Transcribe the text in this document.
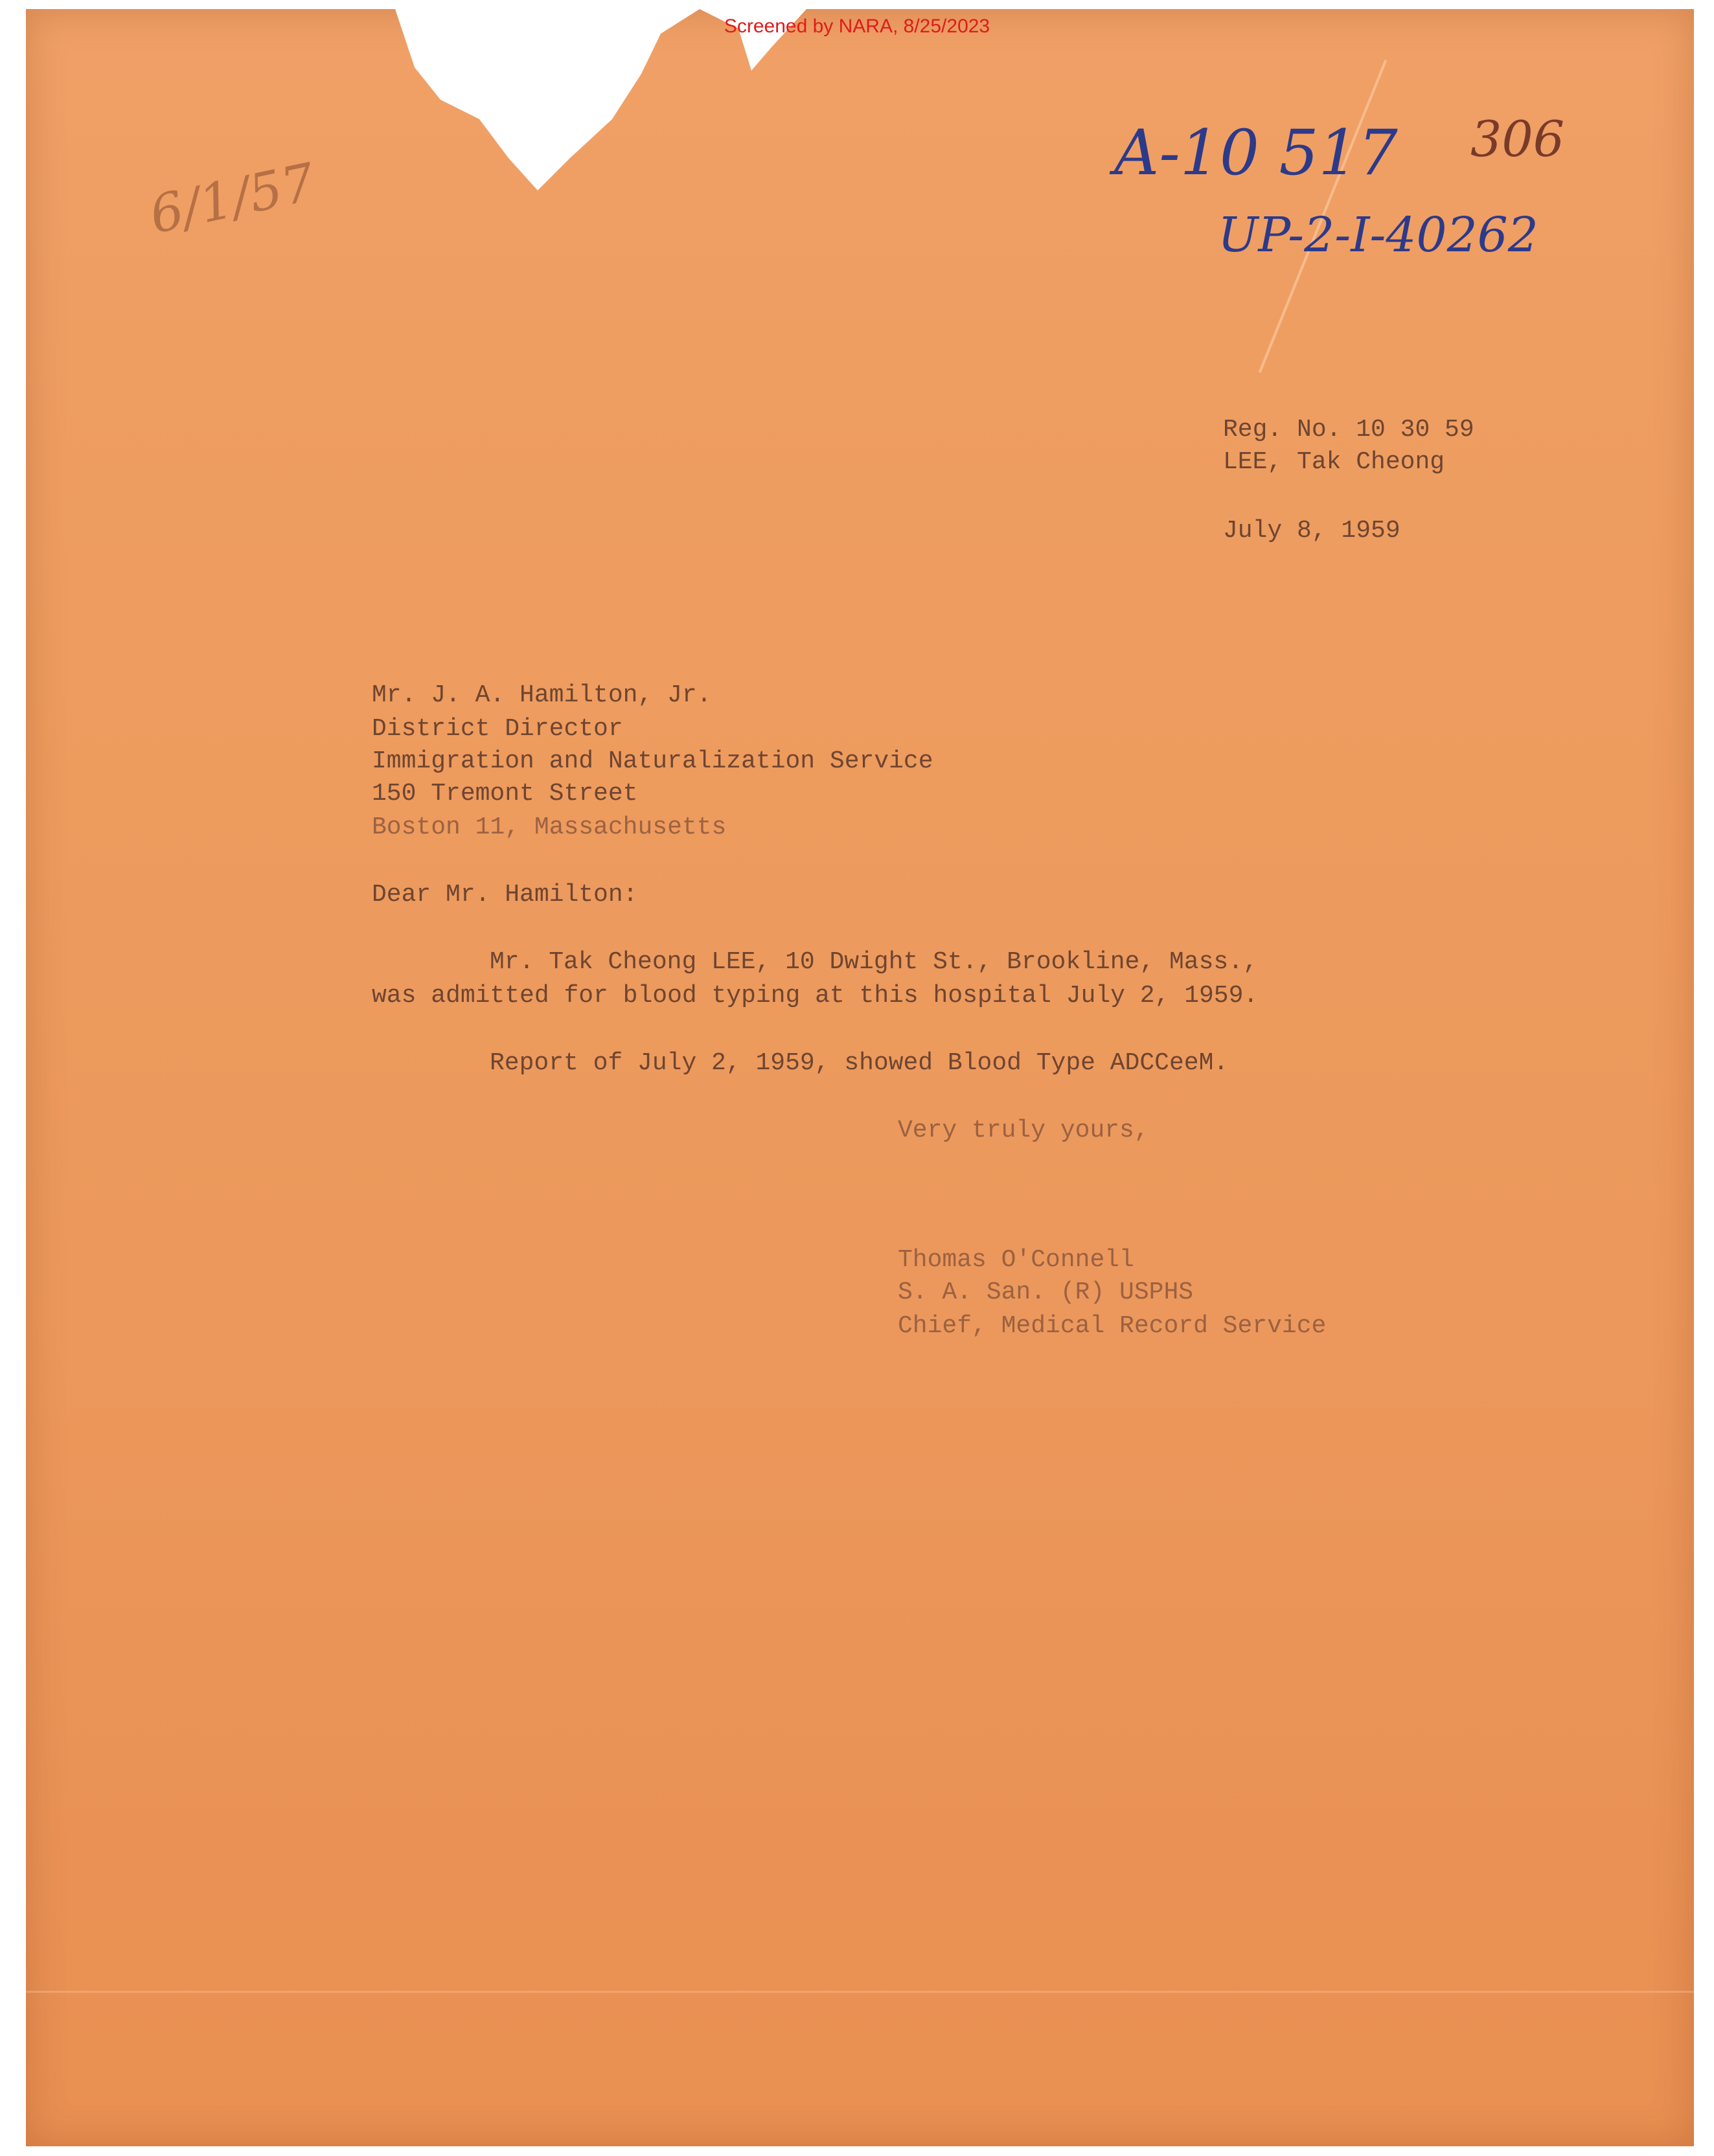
Screened by NARA, 8/25/2023
A-10 517 306
UP-2-I-40262
6/1/57
Reg. No. 10 30 59
LEE, Tak Cheong
July 8, 1959
Mr. J. A. Hamilton, Jr.
District Director
Immigration and Naturalization Service
150 Tremont Street
Boston 11, Massachusetts
Dear Mr. Hamilton:
Mr. Tak Cheong LEE, 10 Dwight St., Brookline, Mass.,
was admitted for blood typing at this hospital July 2, 1959.
Report of July 2, 1959, showed Blood Type ADCCeeM.
Very truly yours,
Thomas O'Connell
S. A. San. (R) USPHS
Chief, Medical Record Service
